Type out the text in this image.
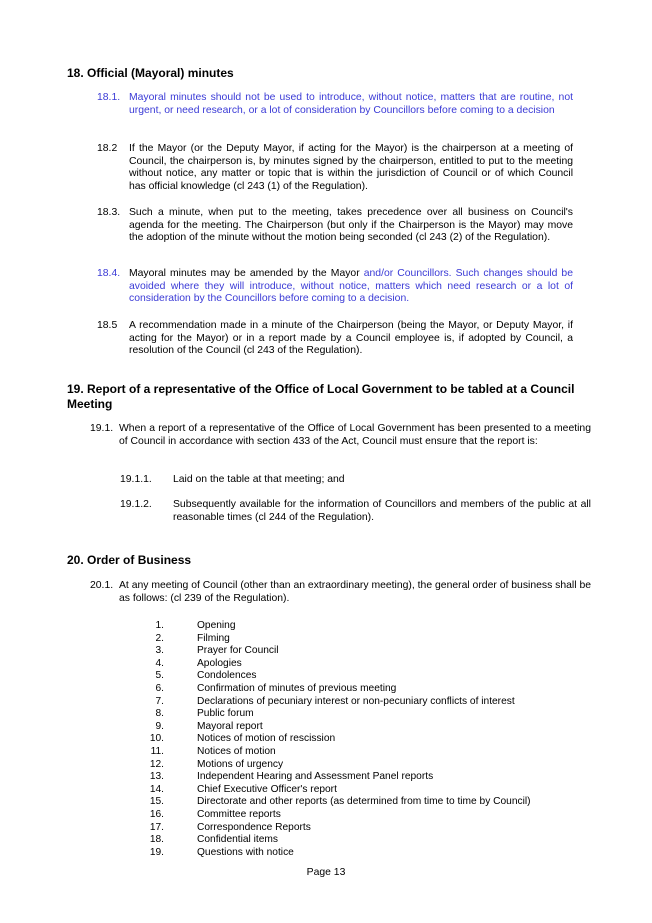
18. Official (Mayoral) minutes
18.1. Mayoral minutes should not be used to introduce, without notice, matters that are routine, not urgent, or need research, or a lot of consideration by Councillors before coming to a decision
18.2 If the Mayor (or the Deputy Mayor, if acting for the Mayor) is the chairperson at a meeting of Council, the chairperson is, by minutes signed by the chairperson, entitled to put to the meeting without notice, any matter or topic that is within the jurisdiction of Council or of which Council has official knowledge (cl 243 (1) of the Regulation).
18.3. Such a minute, when put to the meeting, takes precedence over all business on Council's agenda for the meeting. The Chairperson (but only if the Chairperson is the Mayor) may move the adoption of the minute without the motion being seconded (cl 243 (2) of the Regulation).
18.4. Mayoral minutes may be amended by the Mayor and/or Councillors. Such changes should be avoided where they will introduce, without notice, matters which need research or a lot of consideration by the Councillors before coming to a decision.
18.5 A recommendation made in a minute of the Chairperson (being the Mayor, or Deputy Mayor, if acting for the Mayor) or in a report made by a Council employee is, if adopted by Council, a resolution of the Council (cl 243 of the Regulation).
19. Report of a representative of the Office of Local Government to be tabled at a Council Meeting
19.1. When a report of a representative of the Office of Local Government has been presented to a meeting of Council in accordance with section 433 of the Act, Council must ensure that the report is:
19.1.1. Laid on the table at that meeting; and
19.1.2. Subsequently available for the information of Councillors and members of the public at all reasonable times (cl 244 of the Regulation).
20. Order of Business
20.1. At any meeting of Council (other than an extraordinary meeting), the general order of business shall be as follows: (cl 239 of the Regulation).
1.	Opening
2.	Filming
3.	Prayer for Council
4.	Apologies
5.	Condolences
6.	Confirmation of minutes of previous meeting
7.	Declarations of pecuniary interest or non-pecuniary conflicts of interest
8.	Public forum
9.	Mayoral report
10.	Notices of motion of rescission
11.	Notices of motion
12.	Motions of urgency
13.	Independent Hearing and Assessment Panel reports
14.	Chief Executive Officer's report
15.	Directorate and other reports (as determined from time to time by Council)
16.	Committee reports
17.	Correspondence Reports
18.	Confidential items
19.	Questions with notice
Page 13
